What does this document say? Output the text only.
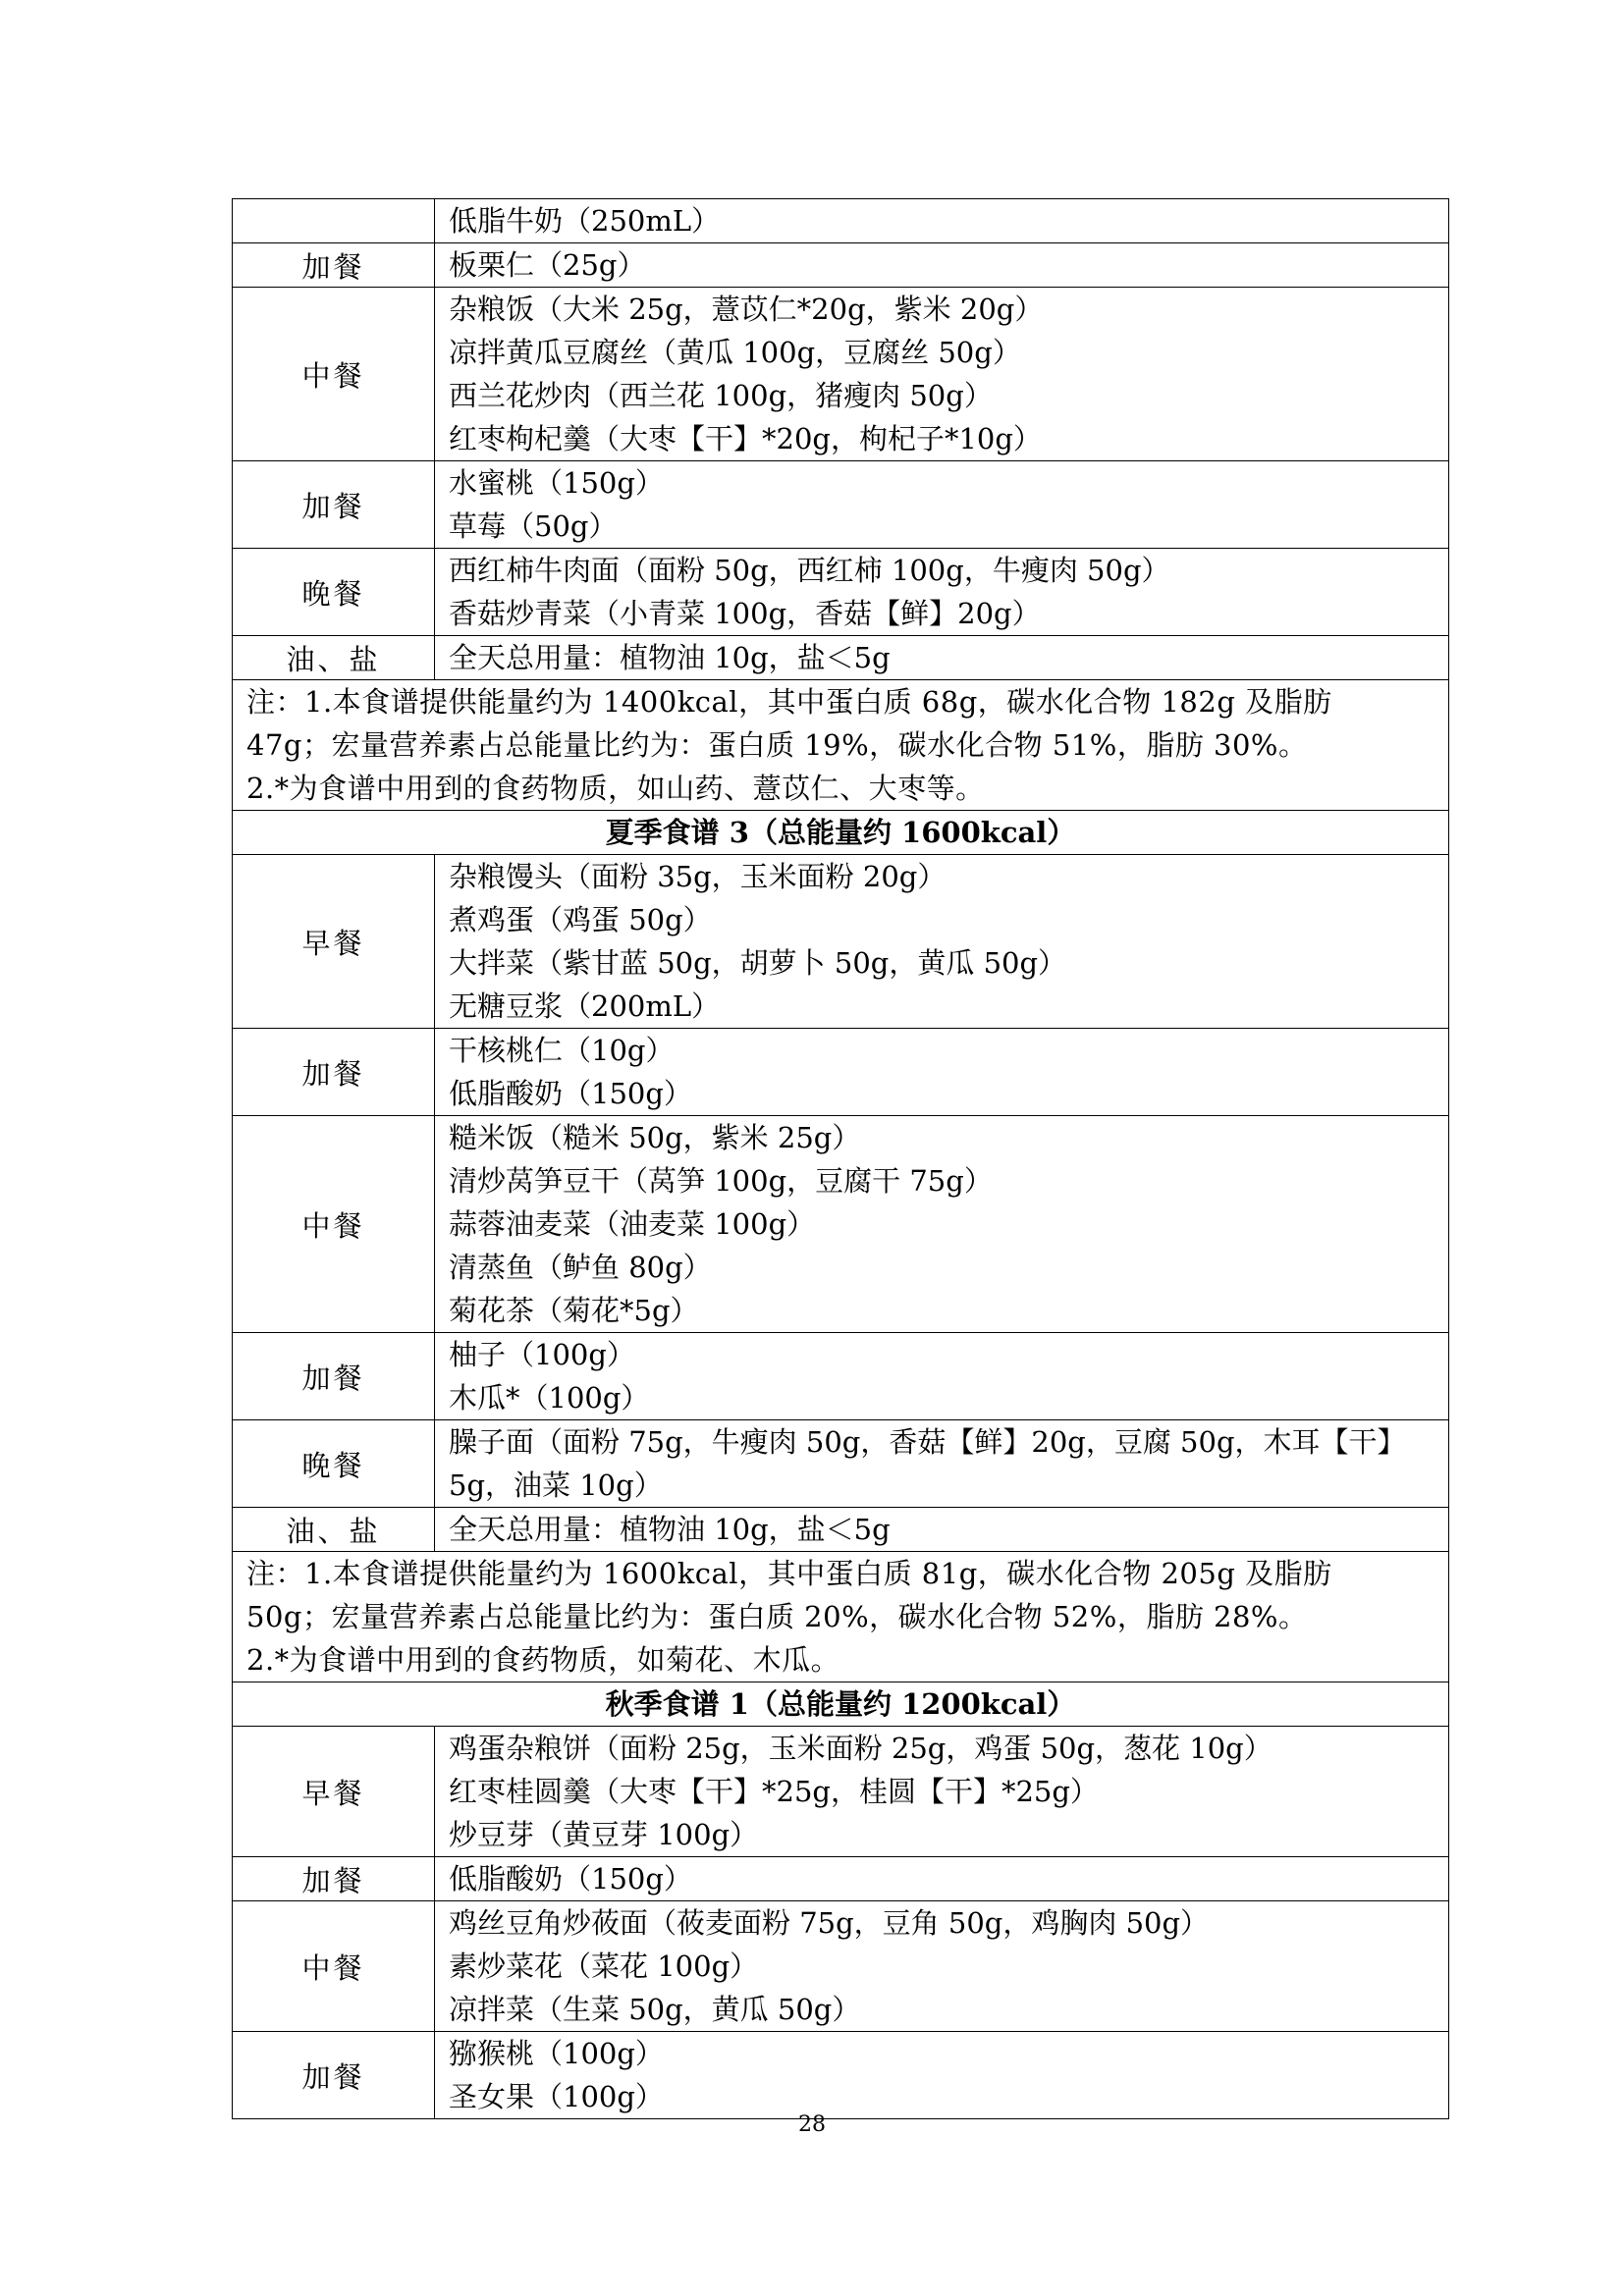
	低脂牛奶（250mL）

加餐	板栗仁（25g）

中餐	杂粮饭（大米 25g，薏苡仁*20g，紫米 20g）
凉拌黄瓜豆腐丝（黄瓜 100g，豆腐丝 50g）
西兰花炒肉（西兰花 100g，猪瘦肉 50g）
红枣枸杞羹（大枣【干】*20g，枸杞子*10g）

加餐	水蜜桃（150g）
草莓（50g）

晚餐	西红柿牛肉面（面粉 50g，西红柿 100g，牛瘦肉 50g）
香菇炒青菜（小青菜 100g，香菇【鲜】20g）

油、盐	全天总用量：植物油 10g，盐＜5g

注：1.本食谱提供能量约为 1400kcal，其中蛋白质 68g，碳水化合物 182g 及脂肪
47g；宏量营养素占总能量比约为：蛋白质 19%，碳水化合物 51%，脂肪 30%。
2.*为食谱中用到的食药物质，如山药、薏苡仁、大枣等。	

夏季食谱 3（总能量约 1600kcal）	

早餐	杂粮馒头（面粉 35g，玉米面粉 20g）
煮鸡蛋（鸡蛋 50g）
大拌菜（紫甘蓝 50g，胡萝卜 50g，黄瓜 50g）
无糖豆浆（200mL）

加餐	干核桃仁（10g）
低脂酸奶（150g）

中餐	糙米饭（糙米 50g，紫米 25g）
清炒莴笋豆干（莴笋 100g，豆腐干 75g）
蒜蓉油麦菜（油麦菜 100g）
清蒸鱼（鲈鱼 80g）
菊花茶（菊花*5g）

加餐	柚子（100g）
木瓜*（100g）

晚餐	臊子面（面粉 75g，牛瘦肉 50g，香菇【鲜】20g，豆腐 50g，木耳【干】
5g，油菜 10g）

油、盐	全天总用量：植物油 10g，盐＜5g

注：1.本食谱提供能量约为 1600kcal，其中蛋白质 81g，碳水化合物 205g 及脂肪
50g；宏量营养素占总能量比约为：蛋白质 20%，碳水化合物 52%，脂肪 28%。
2.*为食谱中用到的食药物质，如菊花、木瓜。	

秋季食谱 1（总能量约 1200kcal）	

早餐	鸡蛋杂粮饼（面粉 25g，玉米面粉 25g，鸡蛋 50g，葱花 10g）
红枣桂圆羹（大枣【干】*25g，桂圆【干】*25g）
炒豆芽（黄豆芽 100g）

加餐	低脂酸奶（150g）

中餐	鸡丝豆角炒莜面（莜麦面粉 75g，豆角 50g，鸡胸肉 50g）
素炒菜花（菜花 100g）
凉拌菜（生菜 50g，黄瓜 50g）

加餐	猕猴桃（100g）
圣女果（100g）
28
